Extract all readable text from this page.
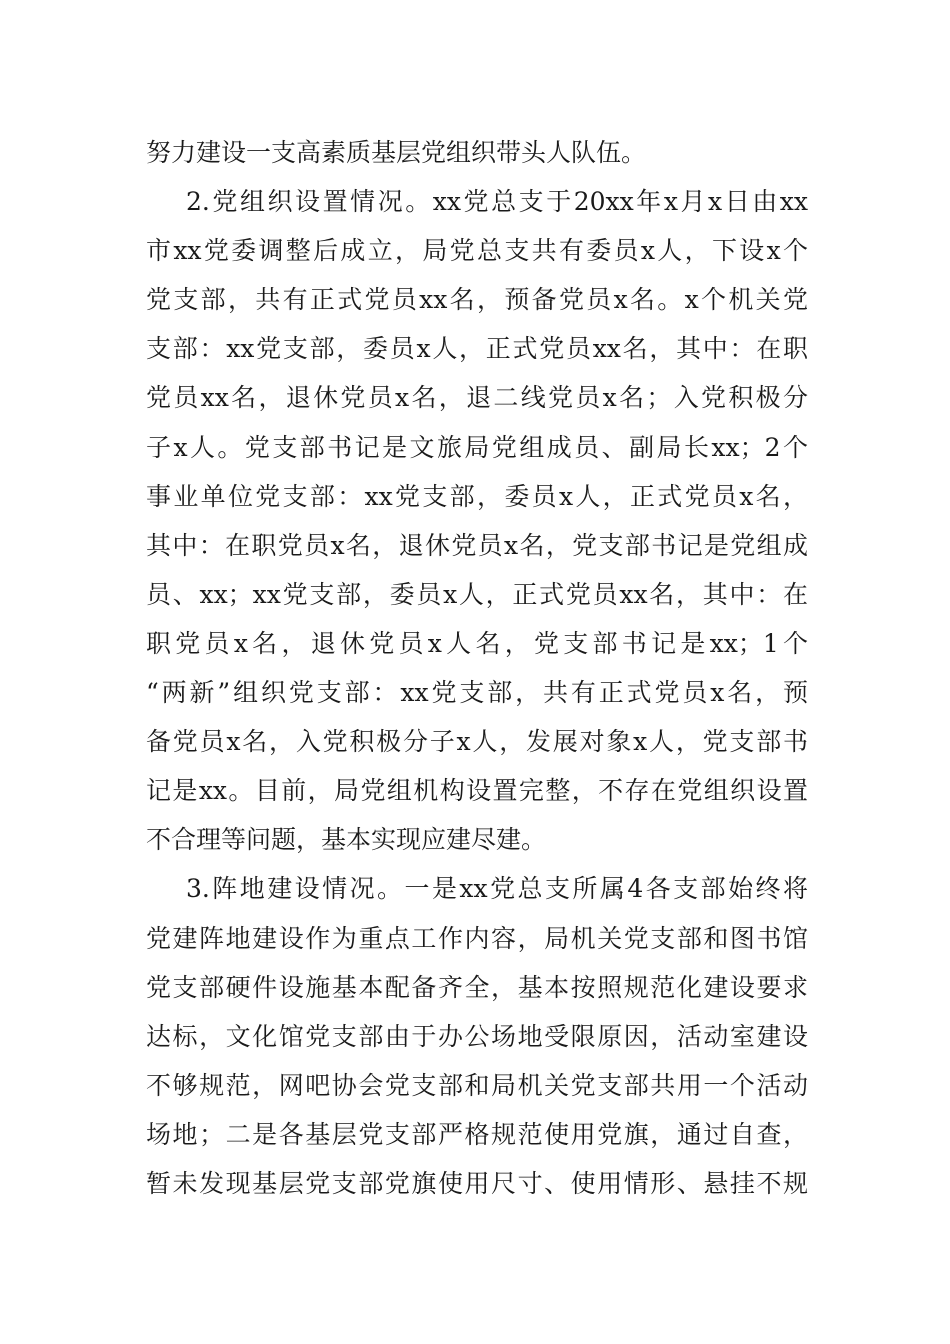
努力建设一支高素质基层党组织带头人队伍。
2.党组织设置情况。xx党总支于20xx年x月x日由xx
市xx党委调整后成立，局党总支共有委员x人，下设x个
党支部，共有正式党员xx名，预备党员x名。x个机关党
支部：xx党支部，委员x人，正式党员xx名，其中：在职
党员xx名，退休党员x名，退二线党员x名；入党积极分
子x人。党支部书记是文旅局党组成员、副局长xx；2个
事业单位党支部：xx党支部，委员x人，正式党员x名，
其中：在职党员x名，退休党员x名，党支部书记是党组成
员、xx；xx党支部，委员x人，正式党员xx名，其中：在
职党员x名，退休党员x人名，党支部书记是xx；1个
“两新”组织党支部：xx党支部，共有正式党员x名，预
备党员x名，入党积极分子x人，发展对象x人，党支部书
记是xx。目前，局党组机构设置完整，不存在党组织设置
不合理等问题，基本实现应建尽建。
3.阵地建设情况。一是xx党总支所属4各支部始终将
党建阵地建设作为重点工作内容，局机关党支部和图书馆
党支部硬件设施基本配备齐全，基本按照规范化建设要求
达标，文化馆党支部由于办公场地受限原因，活动室建设
不够规范，网吧协会党支部和局机关党支部共用一个活动
场地；二是各基层党支部严格规范使用党旗，通过自查，
暂未发现基层党支部党旗使用尺寸、使用情形、悬挂不规
